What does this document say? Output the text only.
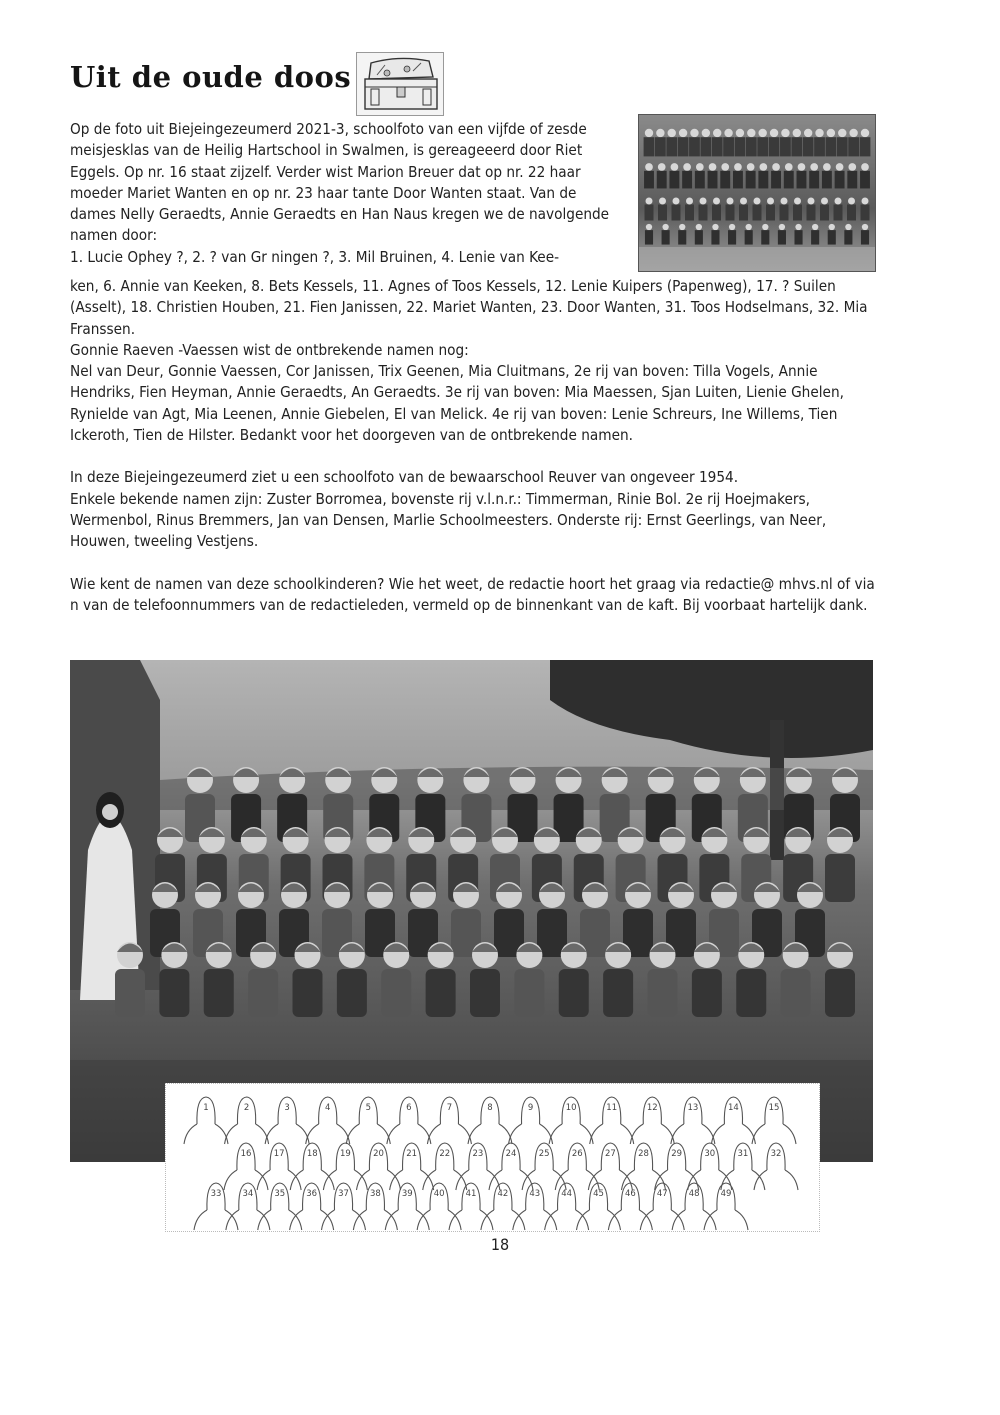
Uit de oude doos

Op de foto uit Biejeingezeumerd 2021-3, schoolfoto van een vijfde of zesde meisjesklas van de Heilig Hartschool in Swalmen, is gereageeerd door Riet Eggels. Op nr. 16 staat zijzelf. Verder wist Marion Breuer dat op nr. 22 haar moeder Mariet Wanten en op nr. 23 haar tante Door Wanten staat. Van de dames Nelly Geraedts, Annie Geraedts en Han Naus kregen we de navolgende namen door:

1. Lucie Ophey ?, 2. ? van Gr ningen ?, 3. Mil Bruinen, 4. Lenie van Kee-

ken, 6. Annie van Keeken, 8. Bets Kessels, 11. Agnes of Toos Kessels, 12. Lenie Kuipers (Papenweg), 17. ? Suilen (Asselt), 18. Christien Houben, 21. Fien Janissen, 22. Mariet Wanten, 23. Door Wanten, 31. Toos Hodselmans, 32. Mia Franssen.

Gonnie Raeven -Vaessen wist de ontbrekende namen nog:

Nel van Deur, Gonnie Vaessen, Cor Janissen, Trix Geenen, Mia Cluitmans, 2e rij van boven: Tilla Vogels, Annie Hendriks, Fien Heyman, Annie Geraedts, An Geraedts. 3e rij van boven: Mia Maessen, Sjan Luiten, Lienie Ghelen, Rynielde van Agt, Mia Leenen, Annie Giebelen, El van Melick. 4e rij van boven: Lenie Schreurs, Ine Willems, Tien Ickeroth, Tien de Hilster. Bedankt voor het doorgeven van de ontbrekende namen.

In deze Biejeingezeumerd ziet u een schoolfoto van de bewaarschool Reuver van ongeveer 1954.

Enkele bekende namen zijn: Zuster Borromea, bovenste rij v.l.n.r.: Timmerman, Rinie Bol. 2e rij Hoejmakers, Wermenbol, Rinus Bremmers, Jan van Densen, Marlie Schoolmeesters. Onderste rij: Ernst Geerlings, van Neer, Houwen, tweeling Vestjens.

Wie kent de namen van deze schoolkinderen? Wie het weet, de redactie hoort het graag via redactie@ mhvs.nl of via n van de telefoonnummers van de redactieleden, vermeld op de binnenkant van de kaft. Bij voorbaat hartelijk dank.

1	2	3	4	5	6	7	8	9	10	11	12	13	14	15
16	17	18	19	20	21	22	23	24	25	26	27	28	29	30	31	32
33 34 35 36 37 38 39 40 41 42 43 44 45 46 47 48 49
18
